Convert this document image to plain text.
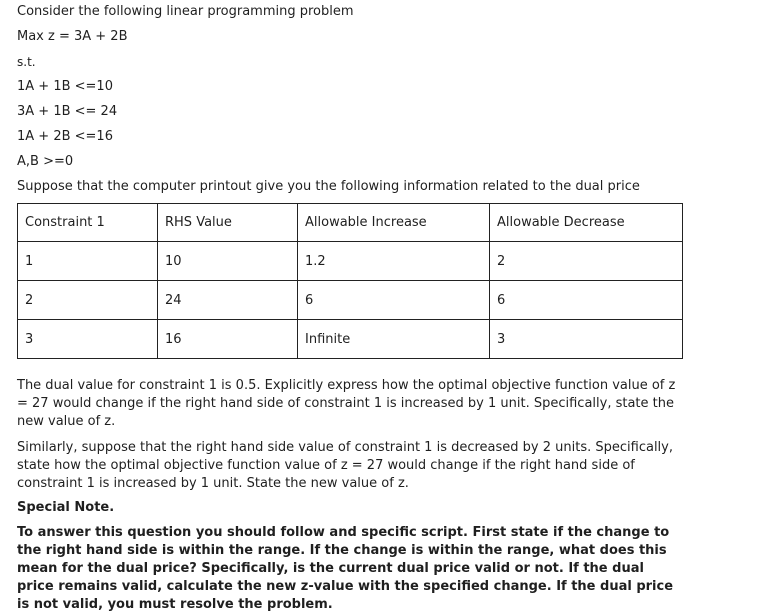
Consider the following linear programming problem
Max z = 3A + 2B
s.t.
1A + 1B <=10
3A + 1B <= 24
1A + 2B <=16
A,B >=0
Suppose that the computer printout give you the following information related to the dual price
Constraint 1	RHS Value	Allowable Increase	Allowable Decrease
1	10	1.2	2
2	24	6	6
3	16	Infinite	3
The dual value for constraint 1 is 0.5. Explicitly express how the optimal objective function value of z = 27 would change if the right hand side of constraint 1 is increased by 1 unit. Specifically, state the new value of z.
Similarly, suppose that the right hand side value of constraint 1 is decreased by 2 units. Specifically, state how the optimal objective function value of z = 27 would change if the right hand side of constraint 1 is increased by 1 unit. State the new value of z.
Special Note.
To answer this question you should follow and specific script. First state if the change to the right hand side is within the range. If the change is within the range, what does this mean for the dual price? Specifically, is the current dual price valid or not. If the dual price remains valid, calculate the new z-value with the specified change. If the dual price is not valid, you must resolve the problem.
